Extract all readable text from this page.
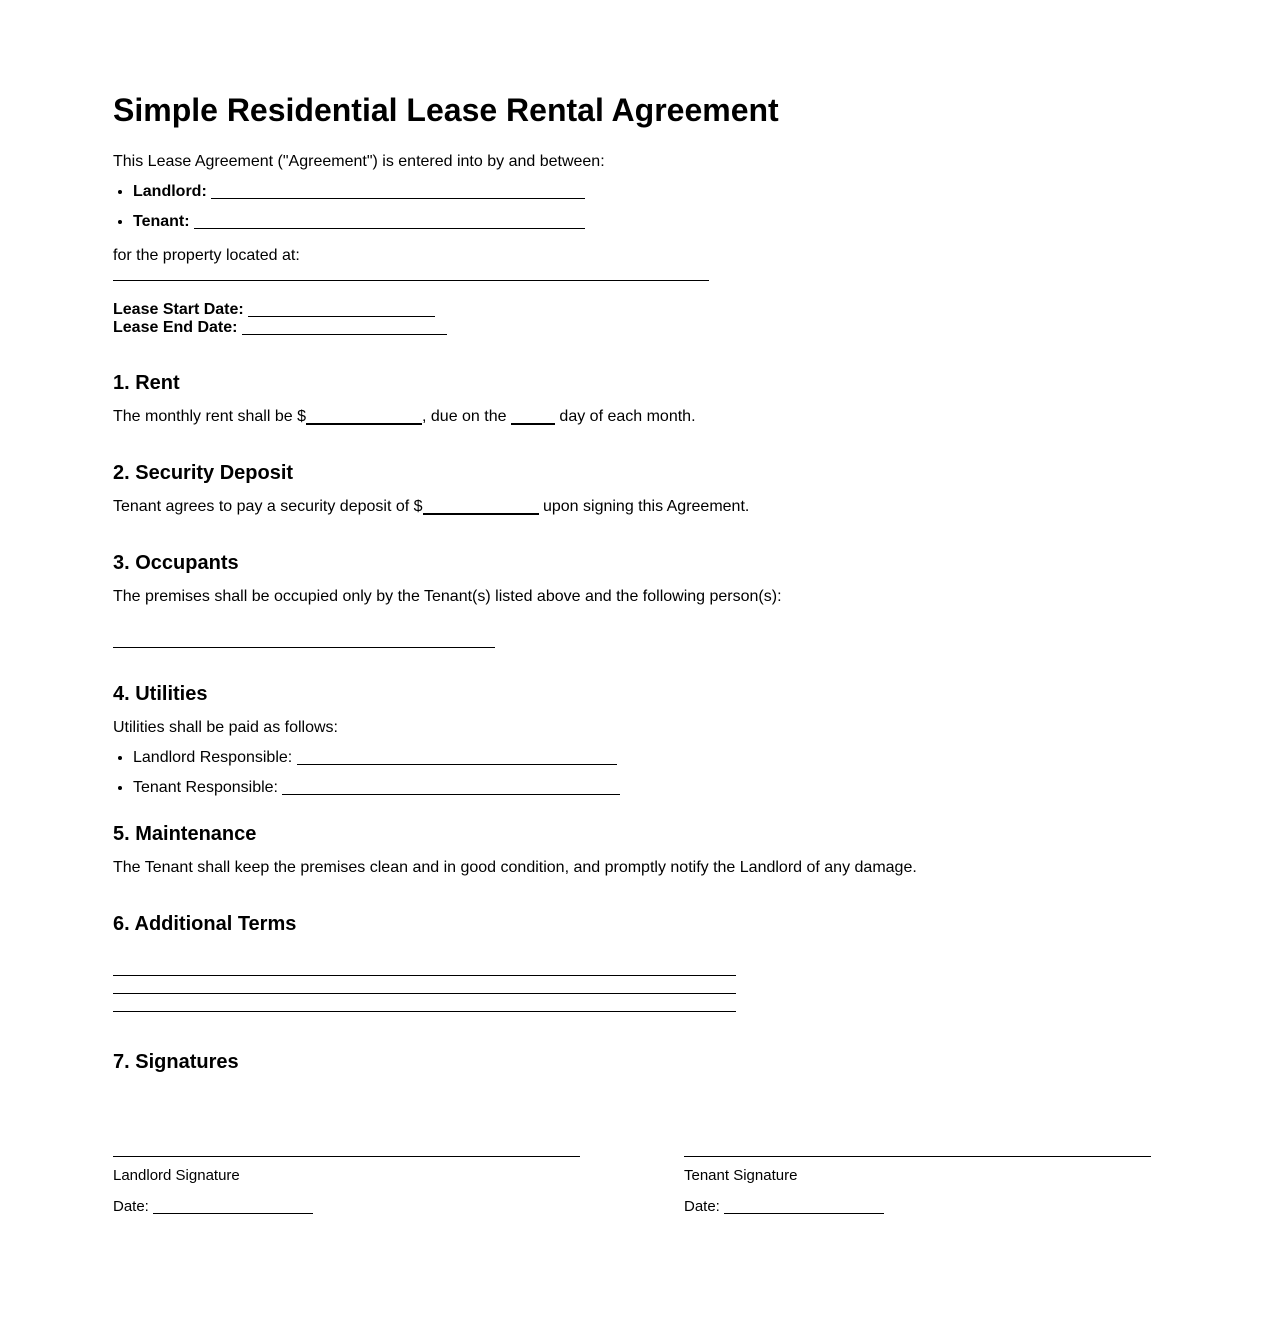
Simple Residential Lease Rental Agreement

This Lease Agreement ("Agreement") is entered into by and between:

• Landlord:
• Tenant:

for the property located at:

Lease Start Date:
Lease End Date:
1. Rent

The monthly rent shall be $	, due on the	day of each month.

2. Security Deposit

Tenant agrees to pay a security deposit of $	upon signing this Agreement.

3. Occupants

The premises shall be occupied only by the Tenant(s) listed above and the following person(s):

4. Utilities

Utilities shall be paid as follows:

• Landlord Responsible:
• Tenant Responsible:
5. Maintenance

The Tenant shall keep the premises clean and in good condition, and promptly notify the Landlord of any damage.

6. Additional Terms
7. Signatures
Landlord Signature
Date:
Tenant Signature
Date:
